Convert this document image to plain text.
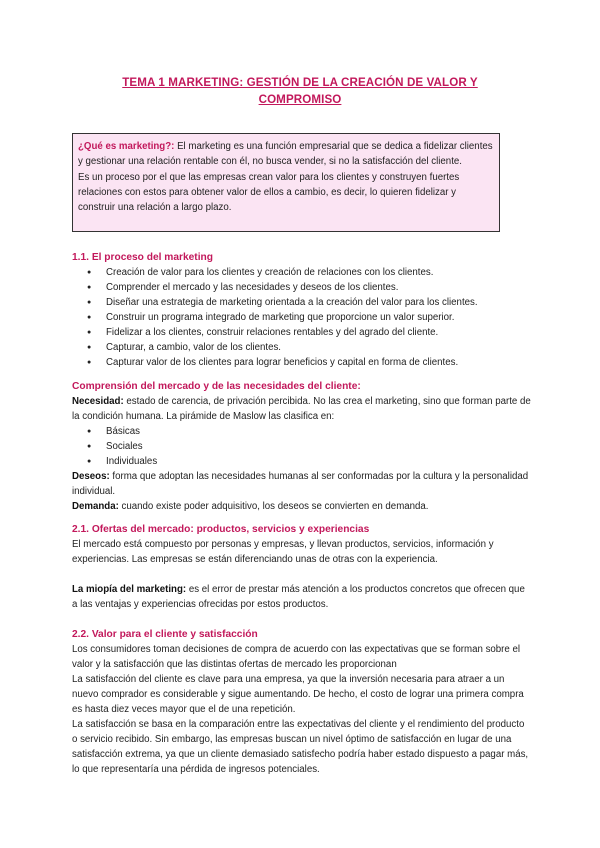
TEMA 1 MARKETING: GESTIÓN DE LA CREACIÓN DE VALOR Y
COMPROMISO

¿Qué es marketing?: El marketing es una función empresarial que se dedica a fidelizar clientes y gestionar una relación rentable con él, no busca vender, si no la satisfacción del cliente.

Es un proceso por el que las empresas crean valor para los clientes y construyen fuertes relaciones con estos para obtener valor de ellos a cambio, es decir, lo quieren fidelizar y construir una relación a largo plazo.

1.1. El proceso del marketing
● Creación de valor para los clientes y creación de relaciones con los clientes.
● Comprender el mercado y las necesidades y deseos de los clientes.
● Diseñar una estrategia de marketing orientada a la creación del valor para los clientes.
● Construir un programa integrado de marketing que proporcione un valor superior.
● Fidelizar a los clientes, construir relaciones rentables y del agrado del cliente.
● Capturar, a cambio, valor de los clientes.
● Capturar valor de los clientes para lograr beneficios y capital en forma de clientes.
Comprensión del mercado y de las necesidades del cliente:

Necesidad: estado de carencia, de privación percibida. No las crea el marketing, sino que forman parte de la condición humana. La pirámide de Maslow las clasifica en:

● Básicas
● Sociales
● Individuales

Deseos: forma que adoptan las necesidades humanas al ser conformadas por la cultura y la personalidad individual.

Demanda: cuando existe poder adquisitivo, los deseos se convierten en demanda.

2.1. Ofertas del mercado: productos, servicios y experiencias

El mercado está compuesto por personas y empresas, y llevan productos, servicios, información y experiencias. Las empresas se están diferenciando unas de otras con la experiencia.

La miopía del marketing: es el error de prestar más atención a los productos concretos que ofrecen que a las ventajas y experiencias ofrecidas por estos productos.

2.2. Valor para el cliente y satisfacción

Los consumidores toman decisiones de compra de acuerdo con las expectativas que se forman sobre el valor y la satisfacción que las distintas ofertas de mercado les proporcionan

La satisfacción del cliente es clave para una empresa, ya que la inversión necesaria para atraer a un nuevo comprador es considerable y sigue aumentando. De hecho, el costo de lograr una primera compra es hasta diez veces mayor que el de una repetición.

La satisfacción se basa en la comparación entre las expectativas del cliente y el rendimiento del producto o servicio recibido. Sin embargo, las empresas buscan un nivel óptimo de satisfacción en lugar de una satisfacción extrema, ya que un cliente demasiado satisfecho podría haber estado dispuesto a pagar más, lo que representaría una pérdida de ingresos potenciales.
